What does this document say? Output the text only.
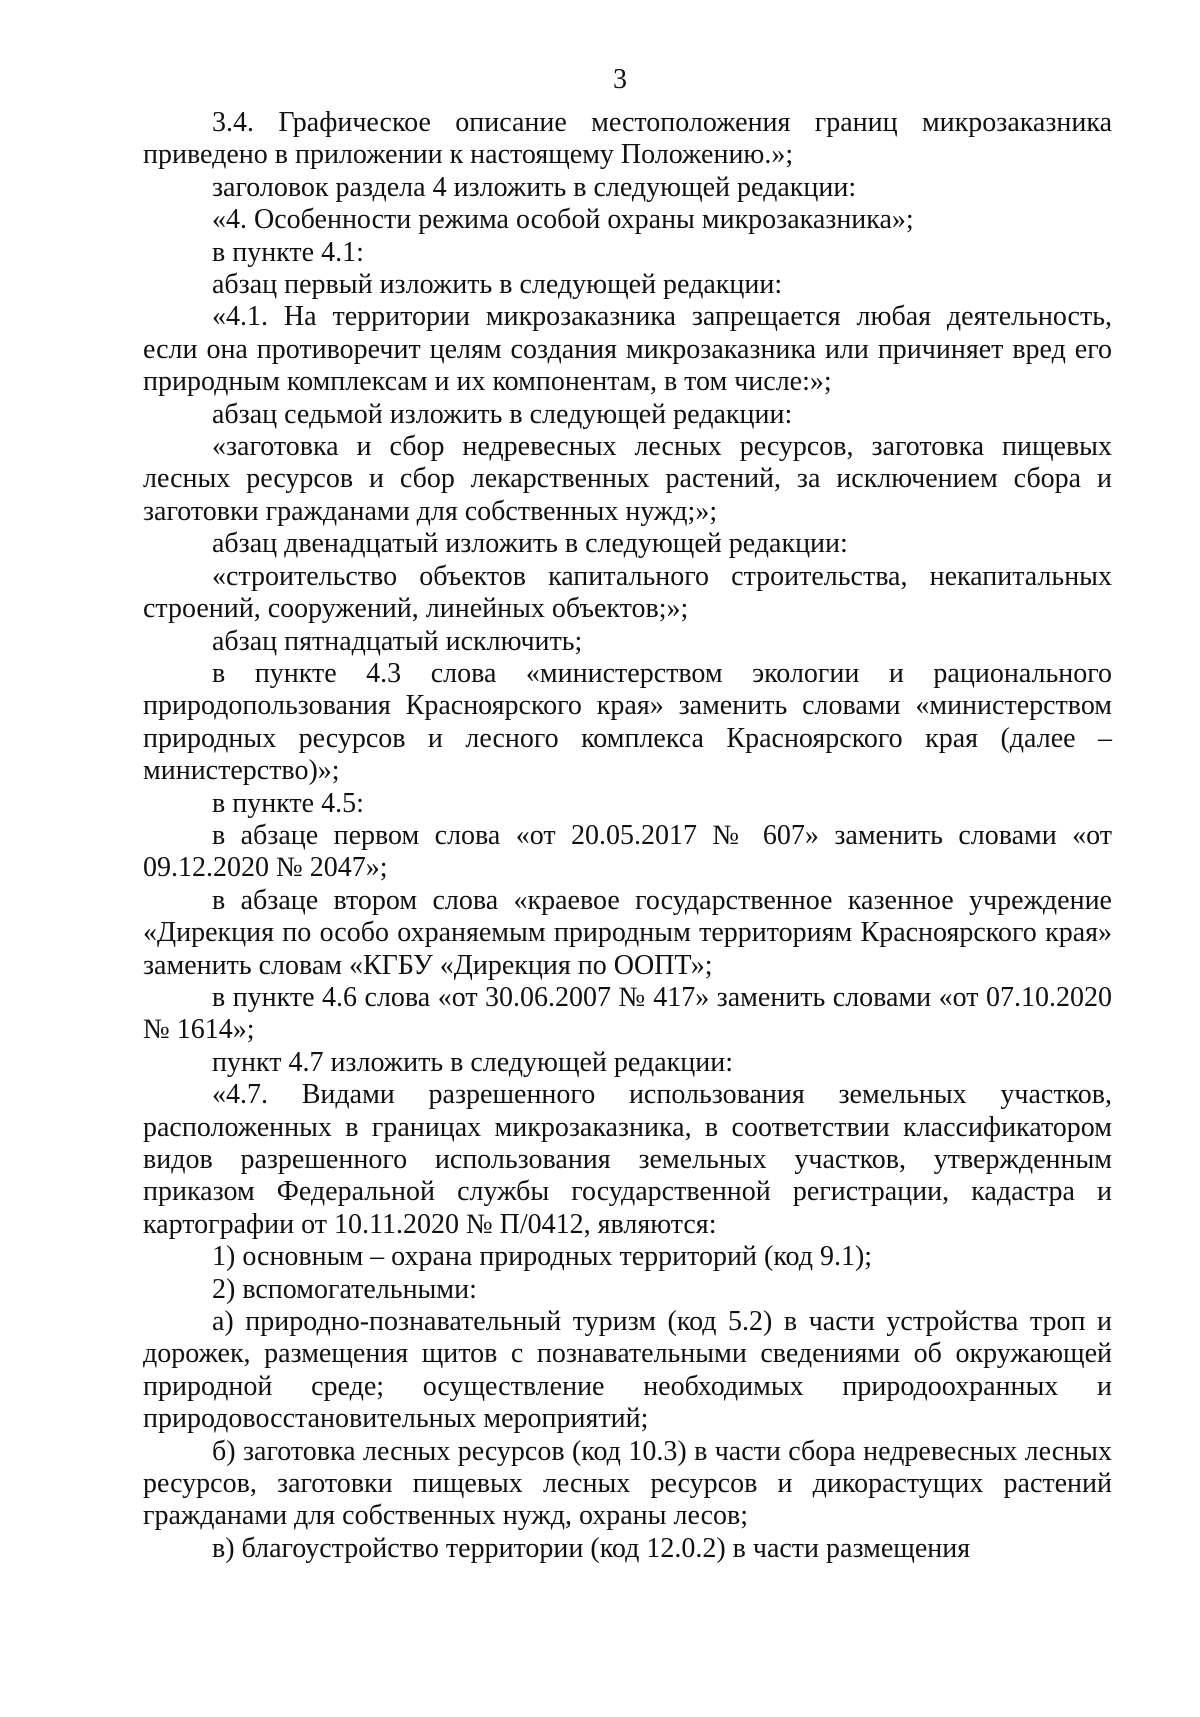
3

3.4. Графическое описание местоположения границ микрозаказника приведено в приложении к настоящему Положению.»;

заголовок раздела 4 изложить в следующей редакции:

«4. Особенности режима особой охраны микрозаказника»;

в пункте 4.1:

абзац первый изложить в следующей редакции:

«4.1. На территории микрозаказника запрещается любая деятельность, если она противоречит целям создания микрозаказника или причиняет вред его природным комплексам и их компонентам, в том числе:»;

абзац седьмой изложить в следующей редакции:

«заготовка и сбор недревесных лесных ресурсов, заготовка пищевых лесных ресурсов и сбор лекарственных растений, за исключением сбора и заготовки гражданами для собственных нужд;»;

абзац двенадцатый изложить в следующей редакции:

«строительство объектов капитального строительства, некапитальных строений, сооружений, линейных объектов;»;

абзац пятнадцатый исключить;

в пункте 4.3 слова «министерством экологии и рационального природопользования Красноярского края» заменить словами «министерством природных ресурсов и лесного комплекса Красноярского края (далее – министерство)»;

в пункте 4.5:

в абзаце первом слова «от 20.05.2017 № 607» заменить словами «от 09.12.2020 № 2047»;

в абзаце втором слова «краевое государственное казенное учреждение «Дирекция по особо охраняемым природным территориям Красноярского края» заменить словам «КГБУ «Дирекция по ООПТ»;

в пункте 4.6 слова «от 30.06.2007 № 417» заменить словами «от 07.10.2020 № 1614»;

пункт 4.7 изложить в следующей редакции:

«4.7. Видами разрешенного использования земельных участков, расположенных в границах микрозаказника, в соответствии классификатором видов разрешенного использования земельных участков, утвержденным приказом Федеральной службы государственной регистрации, кадастра и картографии от 10.11.2020 № П/0412, являются:

1) основным – охрана природных территорий (код 9.1);

2) вспомогательными:

а) природно-познавательный туризм (код 5.2) в части устройства троп и дорожек, размещения щитов с познавательными сведениями об окружающей природной среде; осуществление необходимых природоохранных и природовосстановительных мероприятий;

б) заготовка лесных ресурсов (код 10.3) в части сбора недревесных лесных ресурсов, заготовки пищевых лесных ресурсов и дикорастущих растений гражданами для собственных нужд, охраны лесов;

в) благоустройство территории (код 12.0.2) в части размещения
